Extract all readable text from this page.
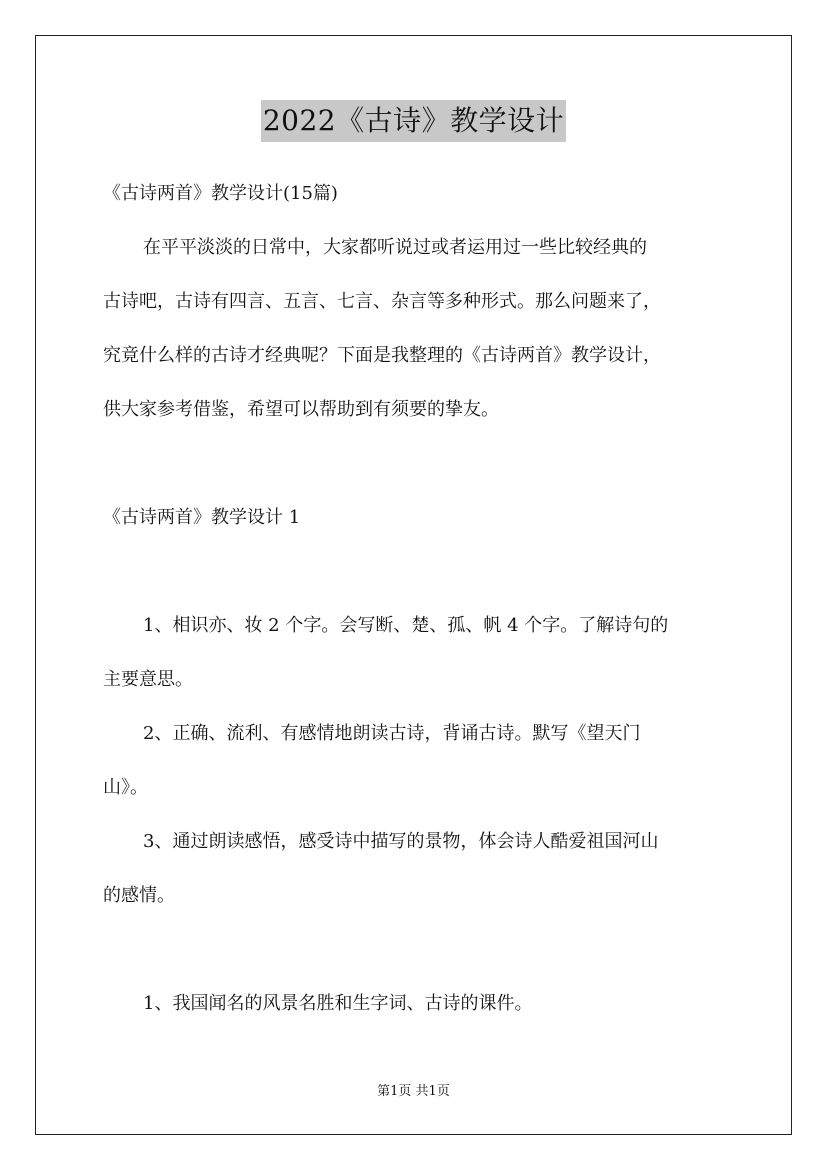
2022《古诗》教学设计
《古诗两首》教学设计(15篇)
在平平淡淡的日常中，大家都听说过或者运用过一些比较经典的
古诗吧，古诗有四言、五言、七言、杂言等多种形式。那么问题来了，
究竟什么样的古诗才经典呢？下面是我整理的《古诗两首》教学设计，
供大家参考借鉴，希望可以帮助到有须要的挚友。
《古诗两首》教学设计 1
1、相识亦、妆 2 个字。会写断、楚、孤、帆 4 个字。了解诗句的
主要意思。
2、正确、流利、有感情地朗读古诗，背诵古诗。默写《望天门
山》。
3、通过朗读感悟，感受诗中描写的景物，体会诗人酷爱祖国河山
的感情。
1、我国闻名的风景名胜和生字词、古诗的课件。
第1页 共1页
